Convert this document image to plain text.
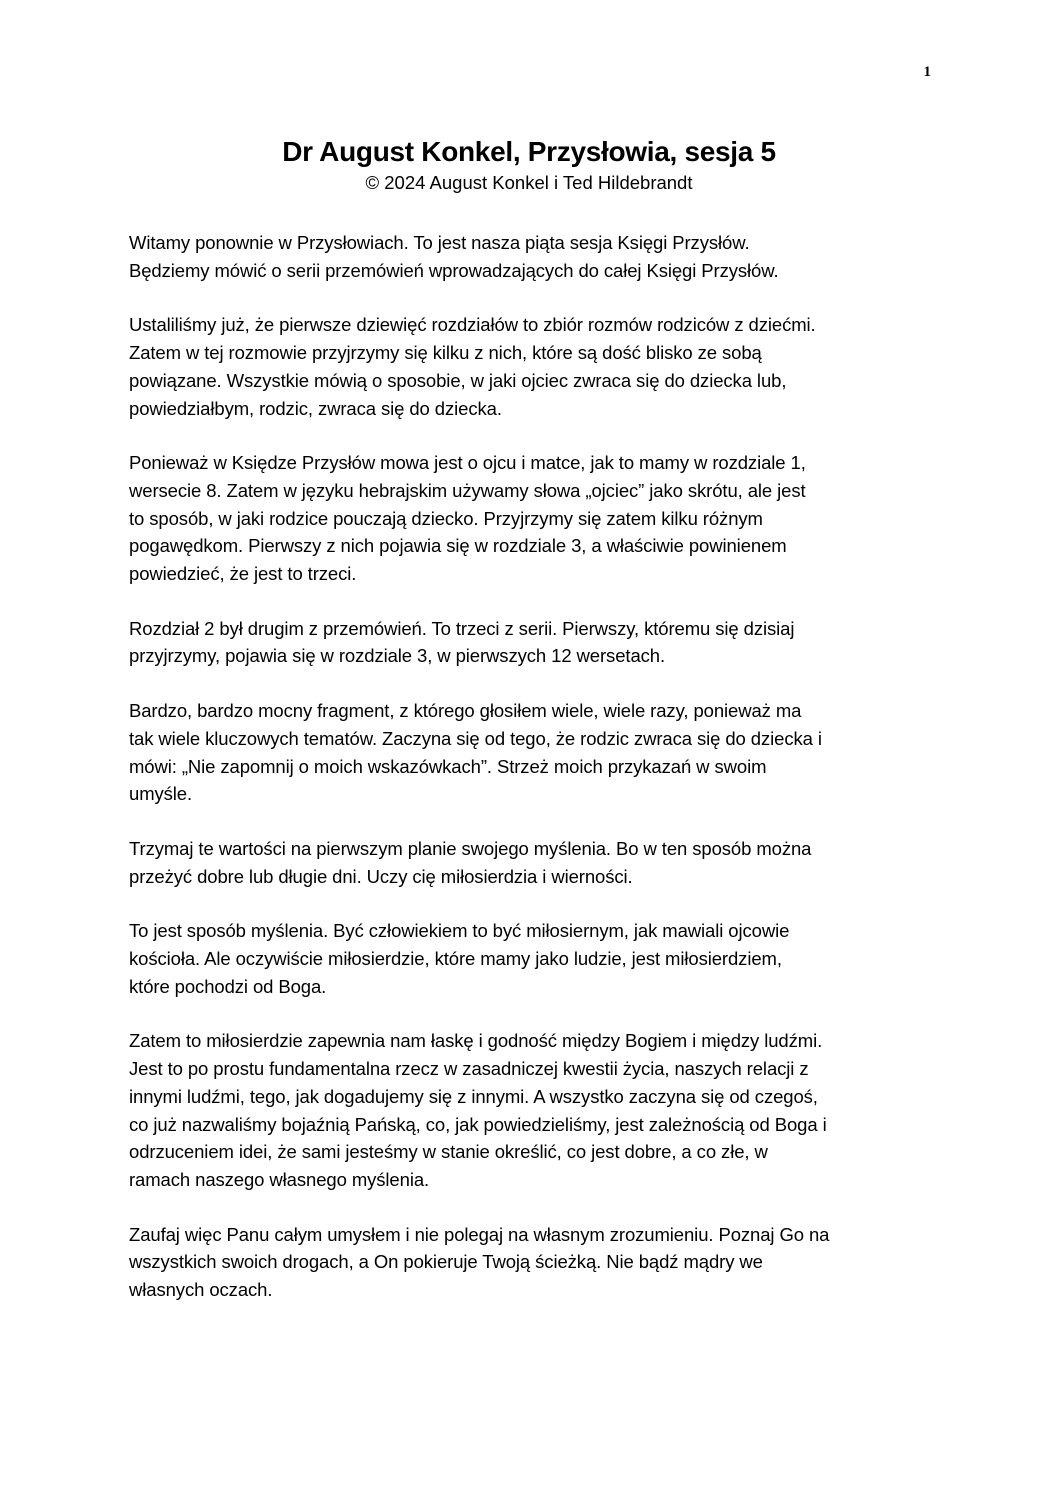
1
Dr August Konkel, Przysłowia, sesja 5
© 2024 August Konkel i Ted Hildebrandt

Witamy ponownie w Przysłowiach. To jest nasza piąta sesja Księgi Przysłów.
Będziemy mówić o serii przemówień wprowadzających do całej Księgi Przysłów.

Ustaliliśmy już, że pierwsze dziewięć rozdziałów to zbiór rozmów rodziców z dziećmi.
Zatem w tej rozmowie przyjrzymy się kilku z nich, które są dość blisko ze sobą
powiązane. Wszystkie mówią o sposobie, w jaki ojciec zwraca się do dziecka lub,
powiedziałbym, rodzic, zwraca się do dziecka.

Ponieważ w Księdze Przysłów mowa jest o ojcu i matce, jak to mamy w rozdziale 1,
wersecie 8. Zatem w języku hebrajskim używamy słowa „ojciec” jako skrótu, ale jest
to sposób, w jaki rodzice pouczają dziecko. Przyjrzymy się zatem kilku różnym
pogawędkom. Pierwszy z nich pojawia się w rozdziale 3, a właściwie powinienem
powiedzieć, że jest to trzeci.

Rozdział 2 był drugim z przemówień. To trzeci z serii. Pierwszy, któremu się dzisiaj
przyjrzymy, pojawia się w rozdziale 3, w pierwszych 12 wersetach.

Bardzo, bardzo mocny fragment, z którego głosiłem wiele, wiele razy, ponieważ ma
tak wiele kluczowych tematów. Zaczyna się od tego, że rodzic zwraca się do dziecka i
mówi: „Nie zapomnij o moich wskazówkach”. Strzeż moich przykazań w swoim
umyśle.

Trzymaj te wartości na pierwszym planie swojego myślenia. Bo w ten sposób można
przeżyć dobre lub długie dni. Uczy cię miłosierdzia i wierności.

To jest sposób myślenia. Być człowiekiem to być miłosiernym, jak mawiali ojcowie
kościoła. Ale oczywiście miłosierdzie, które mamy jako ludzie, jest miłosierdziem,
które pochodzi od Boga.

Zatem to miłosierdzie zapewnia nam łaskę i godność między Bogiem i między ludźmi.
Jest to po prostu fundamentalna rzecz w zasadniczej kwestii życia, naszych relacji z
innymi ludźmi, tego, jak dogadujemy się z innymi. A wszystko zaczyna się od czegoś,
co już nazwaliśmy bojaźnią Pańską, co, jak powiedzieliśmy, jest zależnością od Boga i
odrzuceniem idei, że sami jesteśmy w stanie określić, co jest dobre, a co złe, w
ramach naszego własnego myślenia.

Zaufaj więc Panu całym umysłem i nie polegaj na własnym zrozumieniu. Poznaj Go na
wszystkich swoich drogach, a On pokieruje Twoją ścieżką. Nie bądź mądry we
własnych oczach.
